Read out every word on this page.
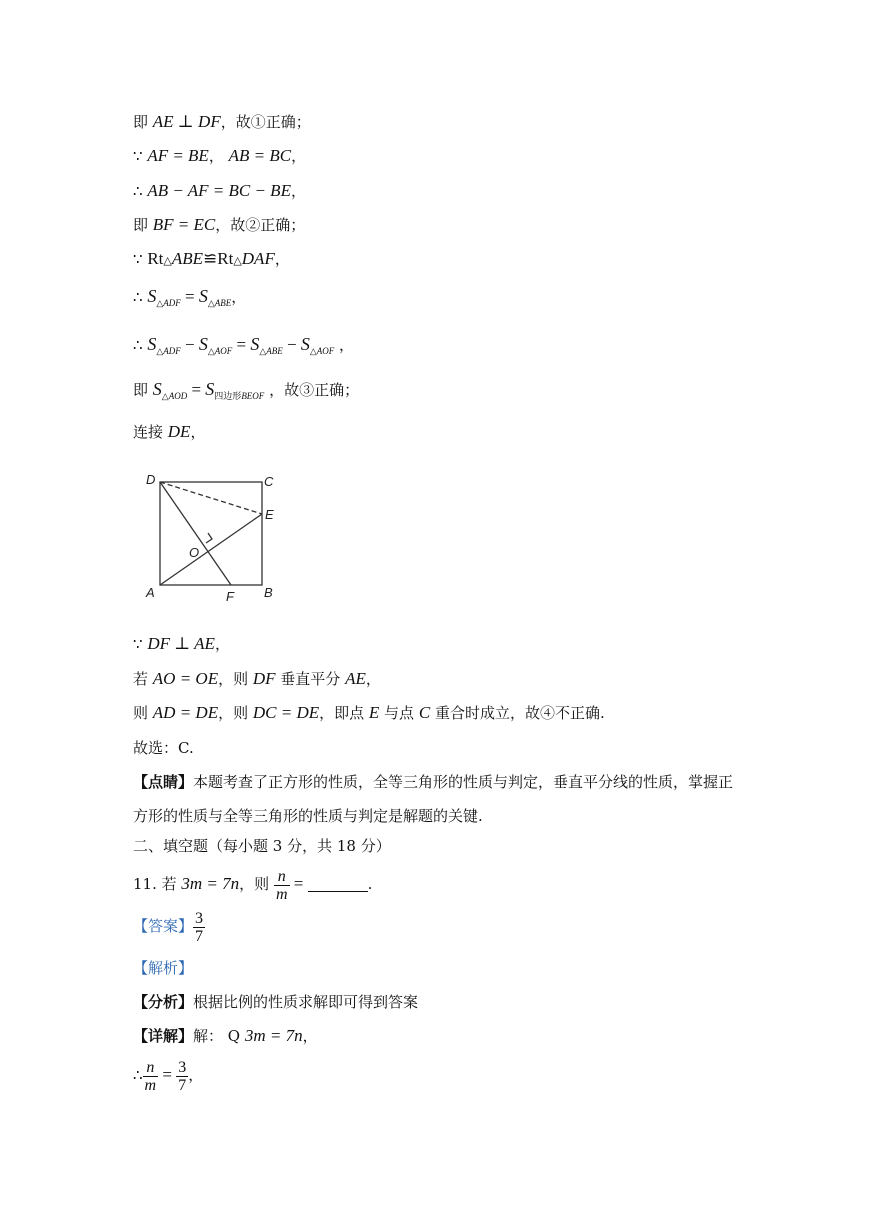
即 AE ⊥ DF，故①正确；
∵ AF = BE， AB = BC，
∴ AB − AF = BC − BE，
即 BF = EC，故②正确；
∵ Rt△ABE≌Rt△DAF，
∴ $S_{\triangle ADF} = S_{\triangle ABE}$，
∴ $S_{\triangle ADF} - S_{\triangle AOF} = S_{\triangle ABE} - S_{\triangle AOF}$ ，
即 $S_{\triangle AOD} = S_{四边形BEOF}$ ，故③正确；
连接 DE，
D	C
E
O
A	F B
∵ DF ⊥ AE，
若 AO = OE，则 DF 垂直平分 AE，
则 AD = DE，则 DC = DE，即点 E 与点 C 重合时成立，故④不正确.
故选：C.
【点睛】本题考查了正方形的性质，全等三角形的性质与判定，垂直平分线的性质，掌握正
方形的性质与全等三角形的性质与判定是解题的关键.
二、填空题（每小题 3 分，共 18 分）
11. 若 3m = 7n，则 $\frac{n}{m}$ =	.
【答案】 $\frac{3}{7}$
【解析】
【分析】根据比例的性质求解即可得到答案
【详解】解： Q 3m = 7n，
∴ $\frac{n}{m} = \frac{3}{7}$ ，
